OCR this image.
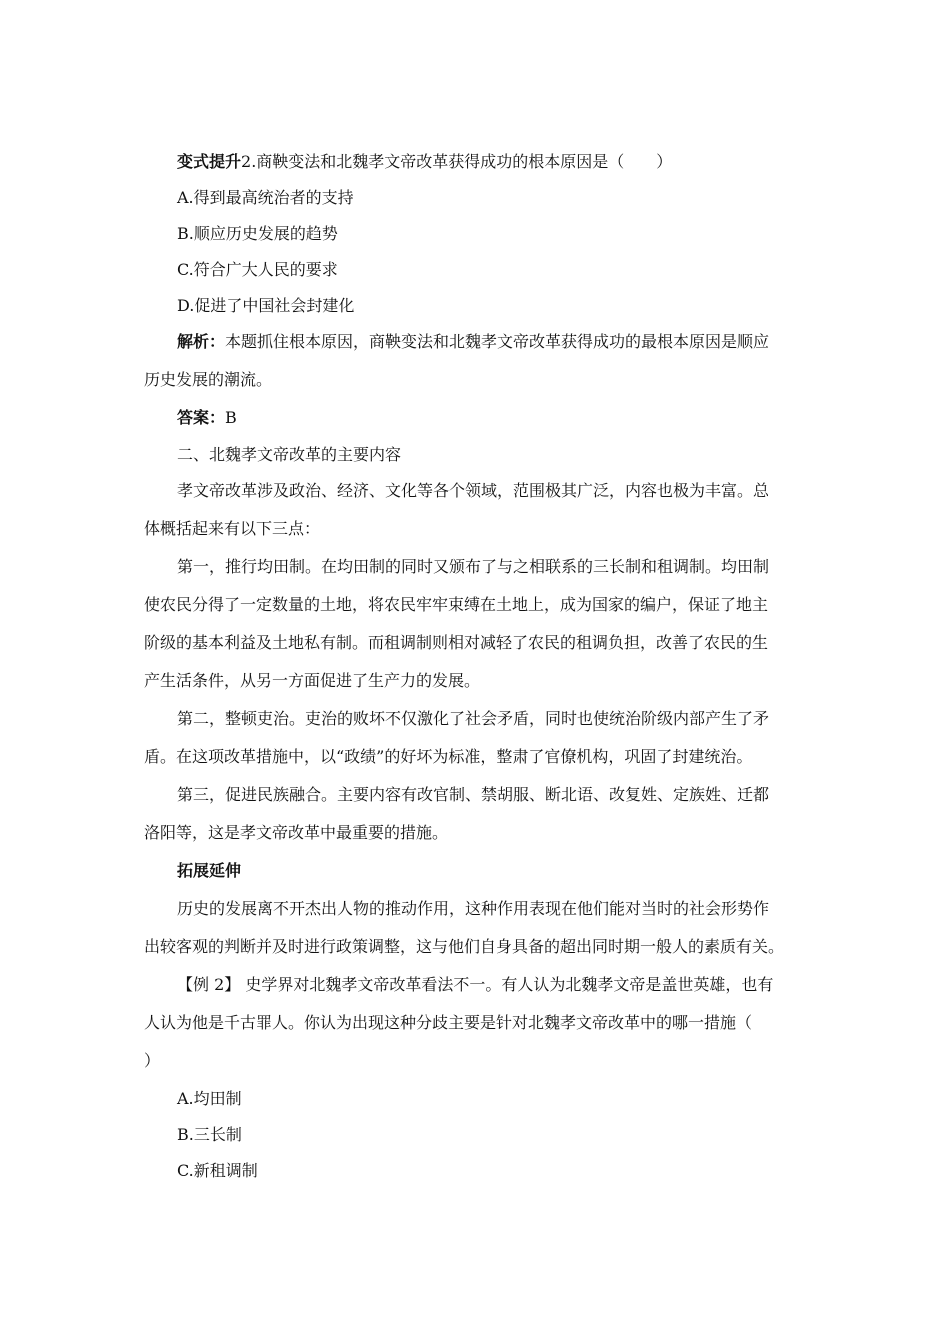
变式提升2.商鞅变法和北魏孝文帝改革获得成功的根本原因是（　　）

A.得到最高统治者的支持

B.顺应历史发展的趋势

C.符合广大人民的要求

D.促进了中国社会封建化

解析：本题抓住根本原因，商鞅变法和北魏孝文帝改革获得成功的最根本原因是顺应

历史发展的潮流。

答案：B

二、北魏孝文帝改革的主要内容

孝文帝改革涉及政治、经济、文化等各个领域，范围极其广泛，内容也极为丰富。总

体概括起来有以下三点：

第一，推行均田制。在均田制的同时又颁布了与之相联系的三长制和租调制。均田制

使农民分得了一定数量的土地，将农民牢牢束缚在土地上，成为国家的编户，保证了地主

阶级的基本利益及土地私有制。而租调制则相对减轻了农民的租调负担，改善了农民的生

产生活条件，从另一方面促进了生产力的发展。

第二，整顿吏治。吏治的败坏不仅激化了社会矛盾，同时也使统治阶级内部产生了矛

盾。在这项改革措施中，以“政绩”的好坏为标准，整肃了官僚机构，巩固了封建统治。

第三，促进民族融合。主要内容有改官制、禁胡服、断北语、改复姓、定族姓、迁都

洛阳等，这是孝文帝改革中最重要的措施。

拓展延伸

历史的发展离不开杰出人物的推动作用，这种作用表现在他们能对当时的社会形势作

出较客观的判断并及时进行政策调整，这与他们自身具备的超出同时期一般人的素质有关。

【例 2】 史学界对北魏孝文帝改革看法不一。有人认为北魏孝文帝是盖世英雄，也有

人认为他是千古罪人。你认为出现这种分歧主要是针对北魏孝文帝改革中的哪一措施（

）

A.均田制

B.三长制

C.新租调制
